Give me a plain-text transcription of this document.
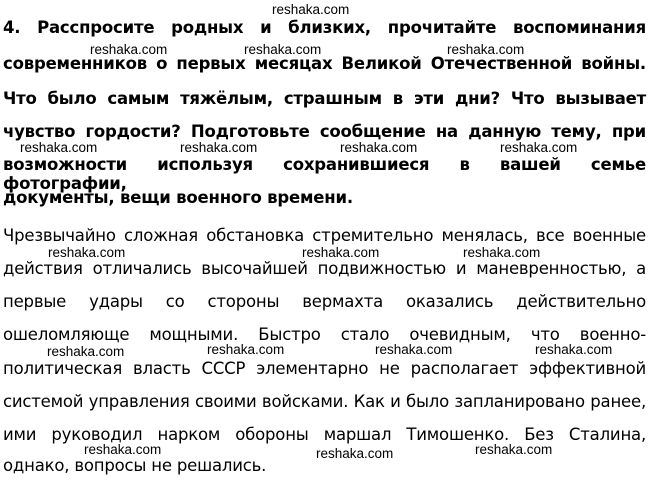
4. Расспросите родных и близких, прочитайте воспоминания
современников о первых месяцах Великой Отечественной войны.
Что было самым тяжёлым, страшным в эти дни? Что вызывает
чувство гордости? Подготовьте сообщение на данную тему, при
возможности используя сохранившиеся в вашей семье фотографии,
документы, вещи военного времени.
Чрезвычайно сложная обстановка стремительно менялась, все военные
действия отличались высочайшей подвижностью и маневренностью, а
первые удары со стороны вермахта оказались действительно
ошеломляюще мощными. Быстро стало очевидным, что военно-
политическая власть СССР элементарно не располагает эффективной
системой управления своими войсками. Как и было запланировано ранее,
ими руководил нарком обороны маршал Тимошенко. Без Сталина,
однако, вопросы не решались.
reshaka.com
reshaka.com	reshaka.com	reshaka.com
reshaka.com	reshaka.com	reshaka.com	reshaka.com
reshaka.com	reshaka.com	reshaka.com
reshaka.com	reshaka.com	reshaka.com	reshaka.com
reshaka.com	reshaka.com	reshaka.com
